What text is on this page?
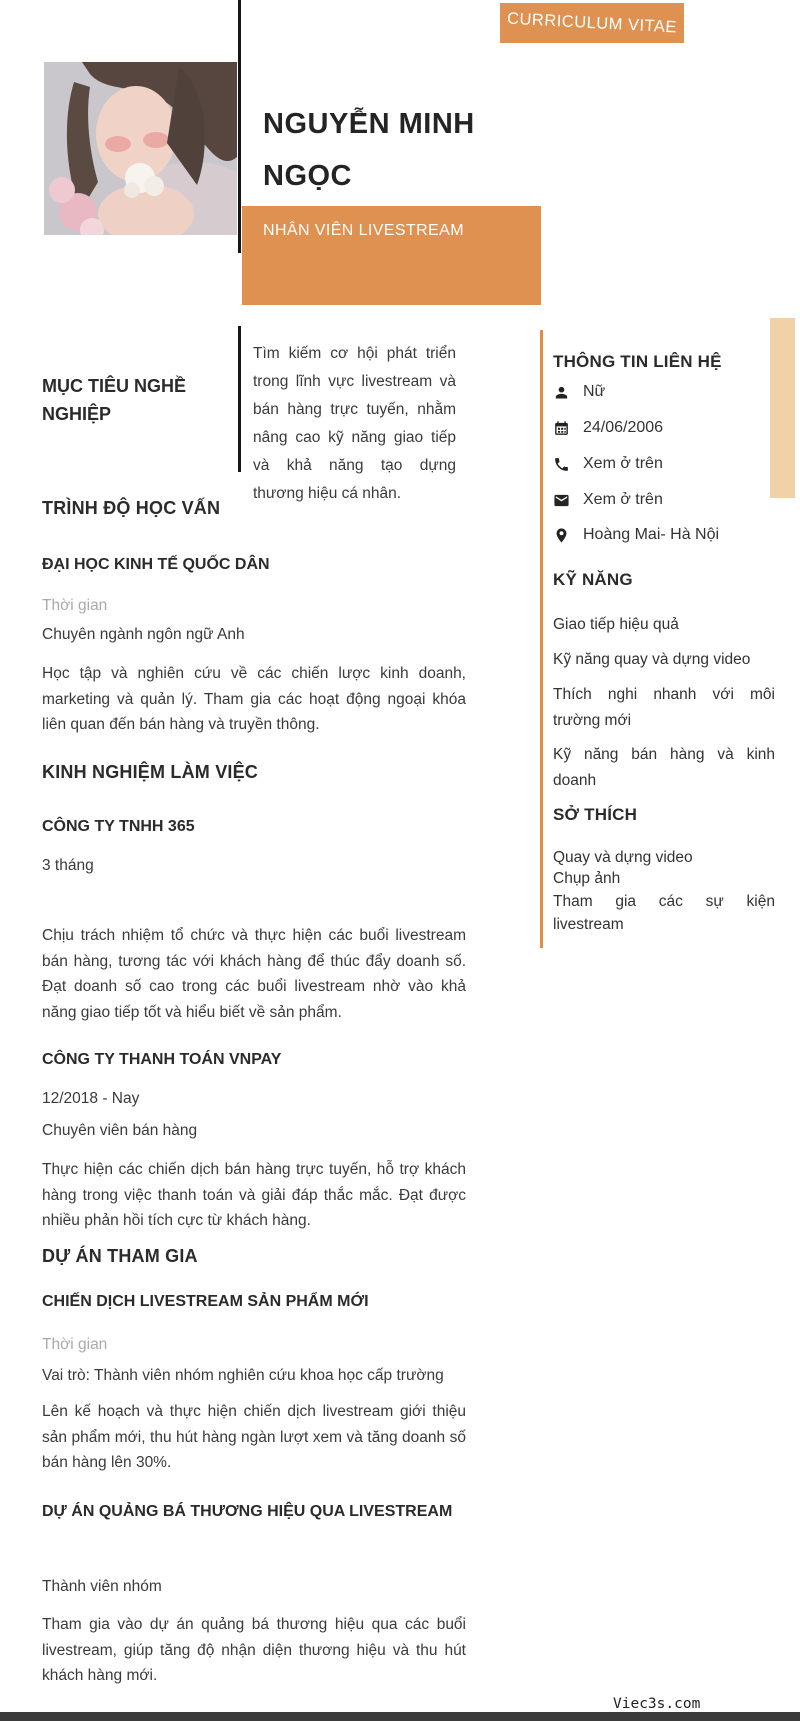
CURRICULUM VITAE
NGUYỄN MINH
NGỌC
NHÂN VIÊN LIVESTREAM
MỤC TIÊU NGHỀ NGHIỆP
Tìm kiếm cơ hội phát triển trong lĩnh vực livestream và bán hàng trực tuyến, nhằm nâng cao kỹ năng giao tiếp và khả năng tạo dựng thương hiệu cá nhân.
TRÌNH ĐỘ HỌC VẤN
ĐẠI HỌC KINH TẾ QUỐC DÂN
Thời gian
Chuyên ngành ngôn ngữ Anh
Học tập và nghiên cứu về các chiến lược kinh doanh, marketing và quản lý. Tham gia các hoạt động ngoại khóa liên quan đến bán hàng và truyền thông.
KINH NGHIỆM LÀM VIỆC
CÔNG TY TNHH 365
3 tháng
Chịu trách nhiệm tổ chức và thực hiện các buổi livestream bán hàng, tương tác với khách hàng để thúc đẩy doanh số. Đạt doanh số cao trong các buổi livestream nhờ vào khả năng giao tiếp tốt và hiểu biết về sản phẩm.
CÔNG TY THANH TOÁN VNPAY
12/2018 - Nay
Chuyên viên bán hàng
Thực hiện các chiến dịch bán hàng trực tuyến, hỗ trợ khách hàng trong việc thanh toán và giải đáp thắc mắc. Đạt được nhiều phản hồi tích cực từ khách hàng.
DỰ ÁN THAM GIA
CHIẾN DỊCH LIVESTREAM SẢN PHẨM MỚI
Thời gian
Vai trò: Thành viên nhóm nghiên cứu khoa học cấp trường
Lên kế hoạch và thực hiện chiến dịch livestream giới thiệu sản phẩm mới, thu hút hàng ngàn lượt xem và tăng doanh số bán hàng lên 30%.
DỰ ÁN QUẢNG BÁ THƯƠNG HIỆU QUA LIVESTREAM
Thành viên nhóm
Tham gia vào dự án quảng bá thương hiệu qua các buổi livestream, giúp tăng độ nhận diện thương hiệu và thu hút khách hàng mới.
THÔNG TIN LIÊN HỆ
Nữ
24/06/2006
Xem ở trên
Xem ở trên
Hoàng Mai- Hà Nội
KỸ NĂNG
Giao tiếp hiệu quả
Kỹ năng quay và dựng video
Thích nghi nhanh với môi trường mới
Kỹ năng bán hàng và kinh doanh
SỞ THÍCH
Quay và dựng video
Chụp ảnh
Tham gia các sự kiện livestream
Viec3s.com
